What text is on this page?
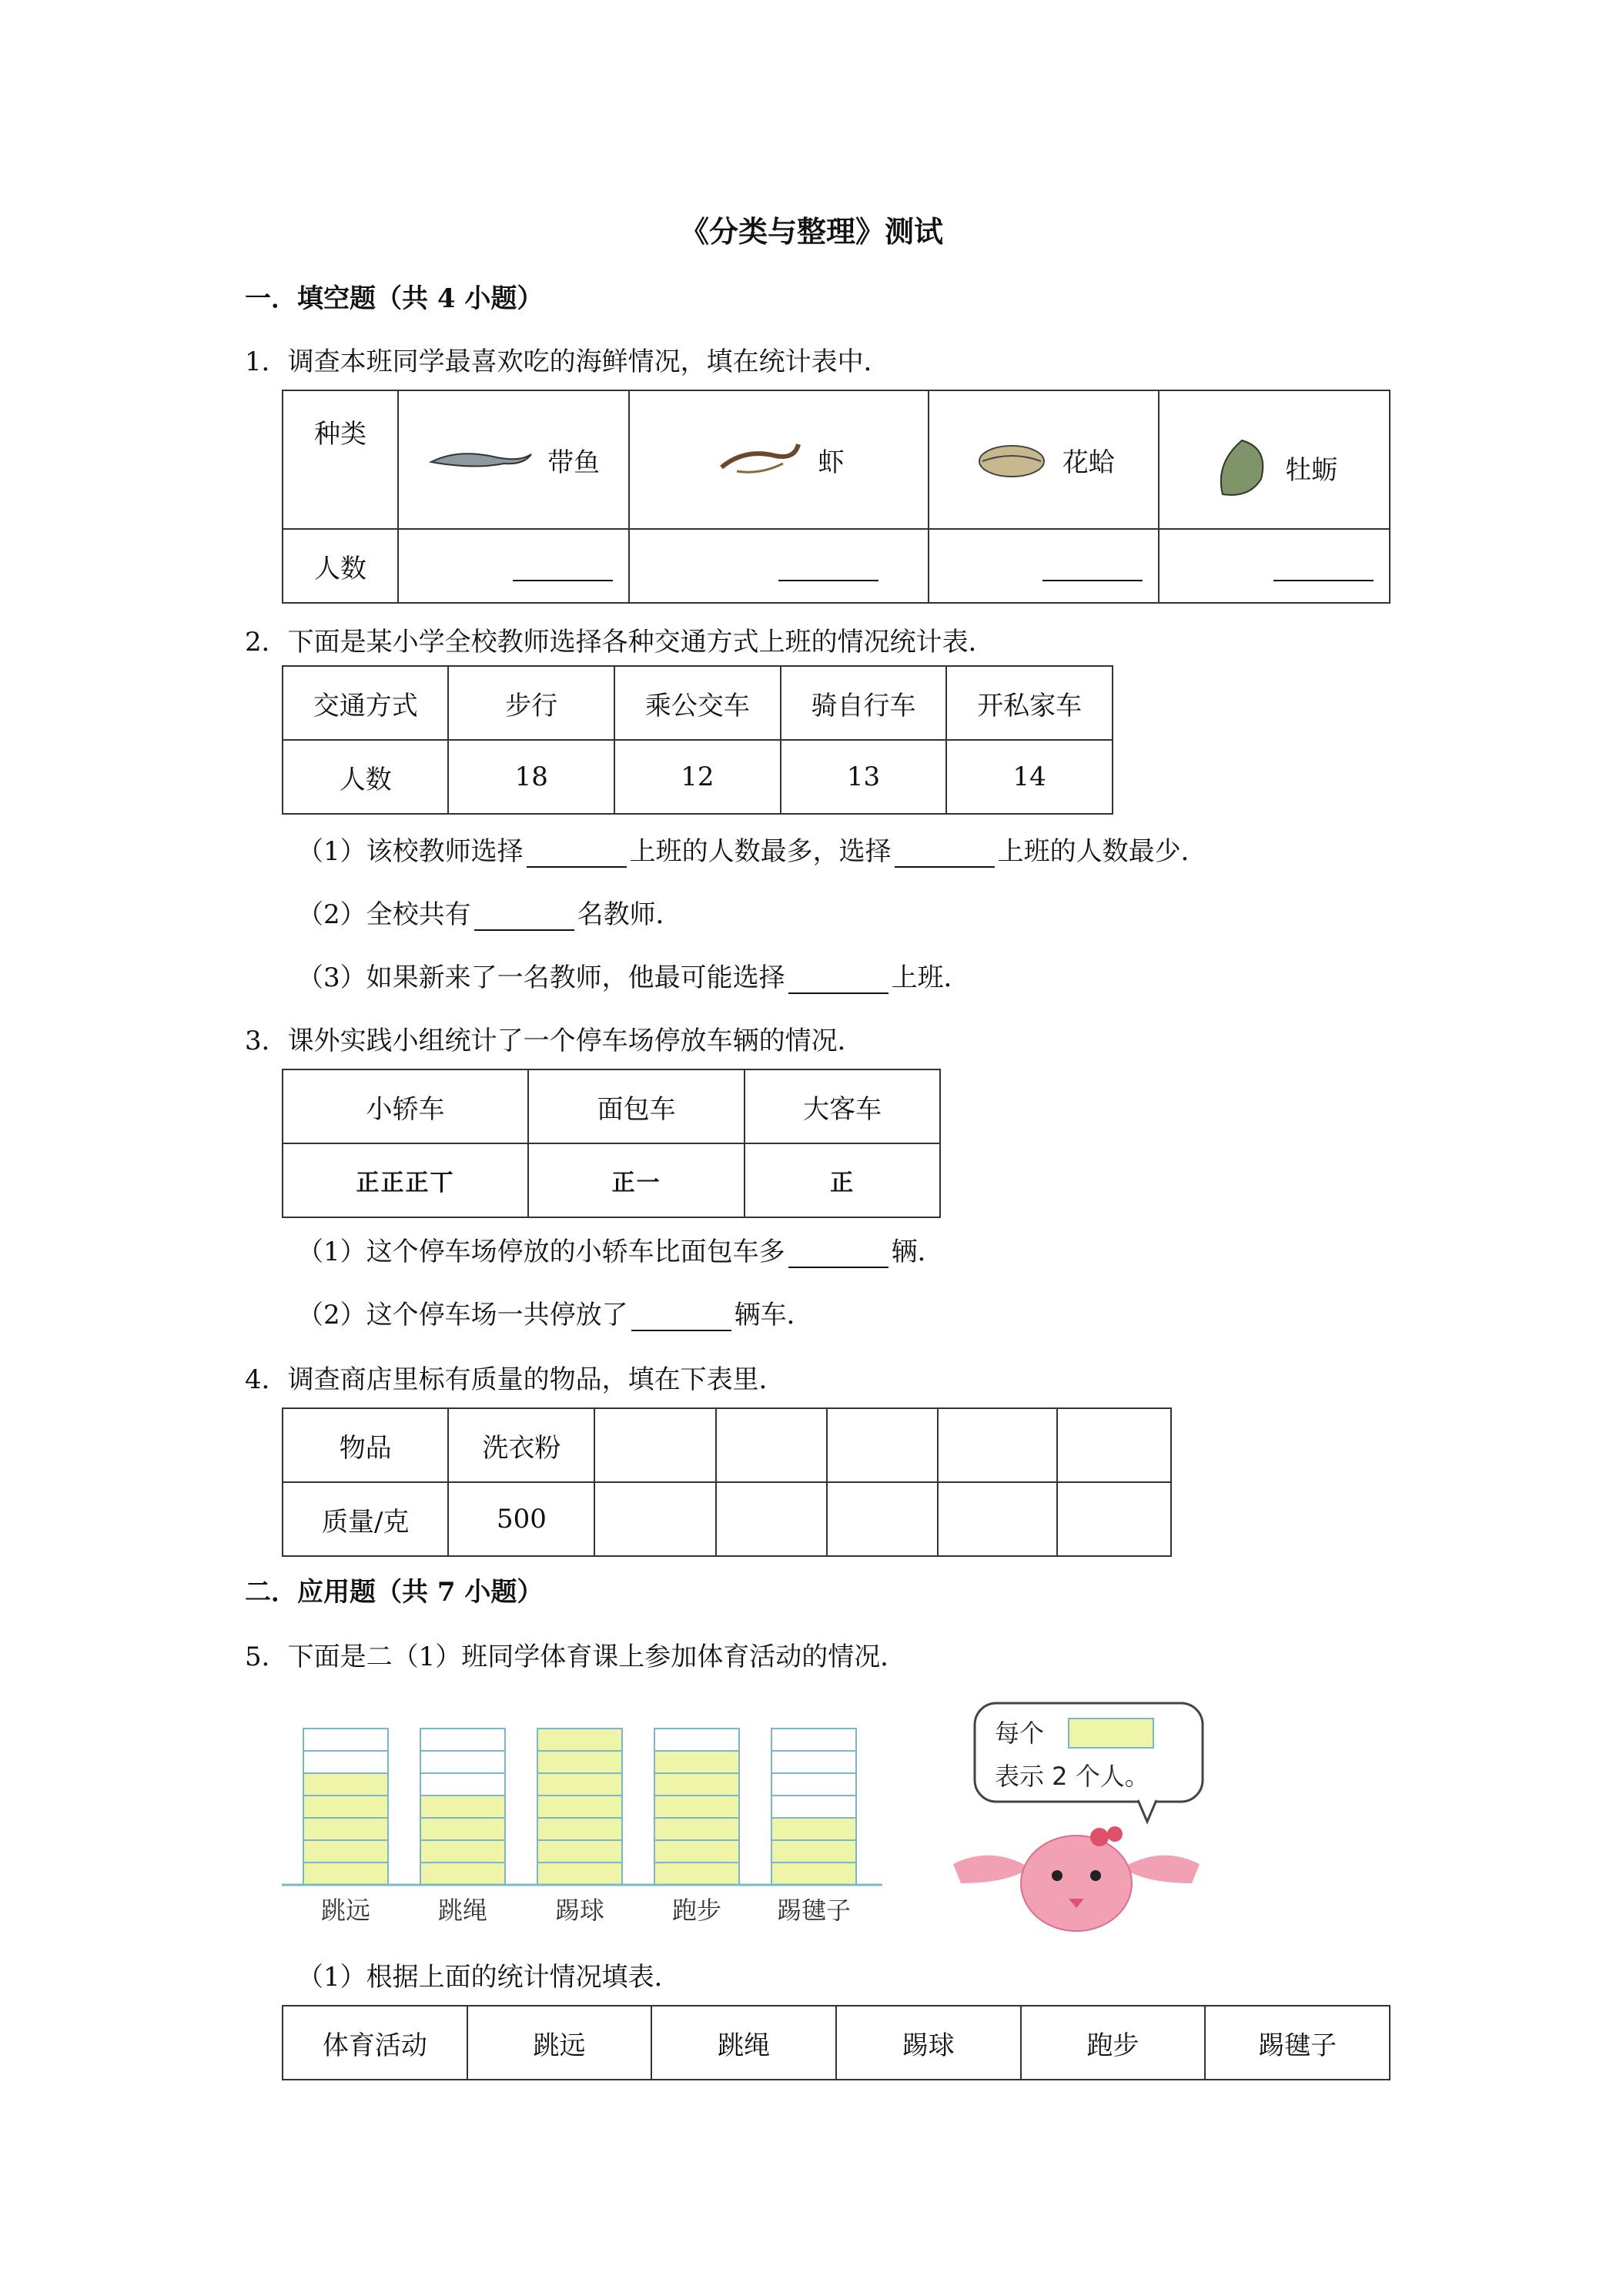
《分类与整理》测试
一．填空题（共 4 小题）
1．调查本班同学最喜欢吃的海鲜情况，填在统计表中．
种类	带鱼	虾	花蛤	牡蛎

人数				
2．下面是某小学全校教师选择各种交通方式上班的情况统计表．
交通方式	步行	乘公交车	骑自行车	开私家车
人数	18	12	13	14
（1）该校教师选择	上班的人数最多，选择	上班的人数最少．
（2）全校共有	名教师．
（3）如果新来了一名教师，他最可能选择	上班．
3．课外实践小组统计了一个停车场停放车辆的情况．
小轿车	面包车	大客车
正正正丅	正一	正
（1）这个停车场停放的小轿车比面包车多	辆．
（2）这个停车场一共停放了	辆车．
4．调查商店里标有质量的物品，填在下表里．
物品	洗衣粉					
质量/克	500					
二．应用题（共 7 小题）
5．下面是二（1）班同学体育课上参加体育活动的情况．
跳远	跳绳	踢球	跑步 踢毽子
每个
表示 2 个人。
（1）根据上面的统计情况填表．
体育活动	跳远	跳绳	踢球	跑步	踢毽子
